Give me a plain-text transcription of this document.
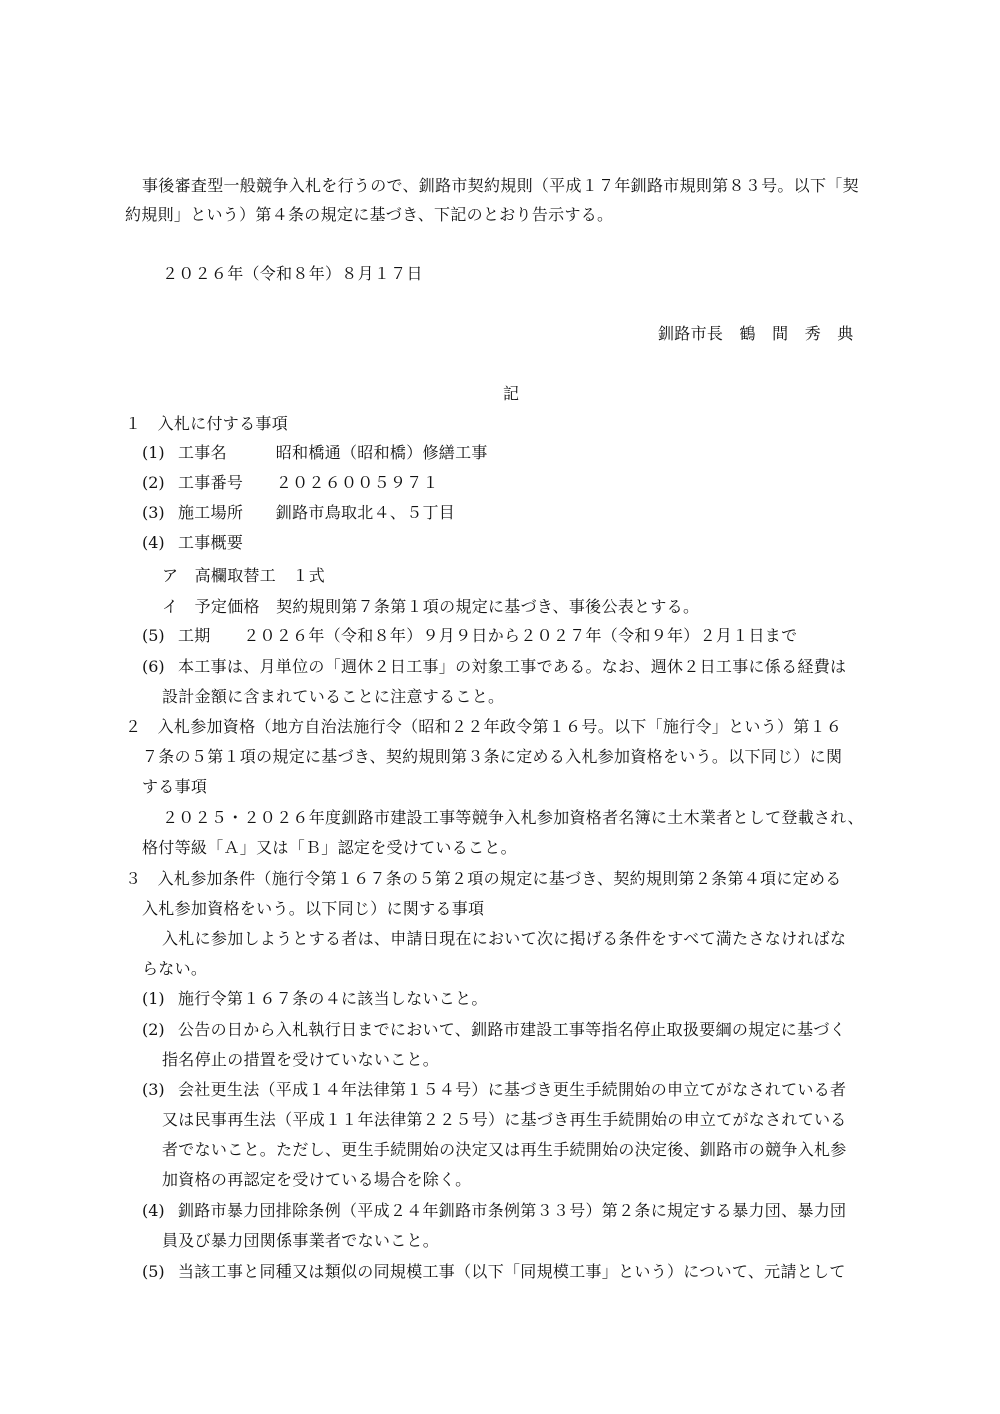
事後審査型一般競争入札を行うので、釧路市契約規則（平成１７年釧路市規則第８３号。以下「契
約規則」という）第４条の規定に基づき、下記のとおり告示する。
２０２６年（令和８年）８月１７日
釧路市長　鶴　間　秀　典
記
１　入札に付する事項
(1) 工事名　　　昭和橋通（昭和橋）修繕工事
(2) 工事番号　　２０２６００５９７１
(3) 施工場所　　釧路市鳥取北４、５丁目
(4) 工事概要
ア　高欄取替工　１式
イ　予定価格　契約規則第７条第１項の規定に基づき、事後公表とする。
(5) 工期　　２０２６年（令和８年）９月９日から２０２７年（令和９年）２月１日まで
(6) 本工事は、月単位の「週休２日工事」の対象工事である。なお、週休２日工事に係る経費は
設計金額に含まれていることに注意すること。
２　入札参加資格（地方自治法施行令（昭和２２年政令第１６号。以下「施行令」という）第１６
７条の５第１項の規定に基づき、契約規則第３条に定める入札参加資格をいう。以下同じ）に関
する事項
２０２５・２０２６年度釧路市建設工事等競争入札参加資格者名簿に土木業者として登載され、
格付等級「Ａ」又は「Ｂ」認定を受けていること。
３　入札参加条件（施行令第１６７条の５第２項の規定に基づき、契約規則第２条第４項に定める
入札参加資格をいう。以下同じ）に関する事項
入札に参加しようとする者は、申請日現在において次に掲げる条件をすべて満たさなければな
らない。
(1) 施行令第１６７条の４に該当しないこと。
(2) 公告の日から入札執行日までにおいて、釧路市建設工事等指名停止取扱要綱の規定に基づく
指名停止の措置を受けていないこと。
(3) 会社更生法（平成１４年法律第１５４号）に基づき更生手続開始の申立てがなされている者
又は民事再生法（平成１１年法律第２２５号）に基づき再生手続開始の申立てがなされている
者でないこと。ただし、更生手続開始の決定又は再生手続開始の決定後、釧路市の競争入札参
加資格の再認定を受けている場合を除く。
(4) 釧路市暴力団排除条例（平成２４年釧路市条例第３３号）第２条に規定する暴力団、暴力団
員及び暴力団関係事業者でないこと。
(5) 当該工事と同種又は類似の同規模工事（以下「同規模工事」という）について、元請として
